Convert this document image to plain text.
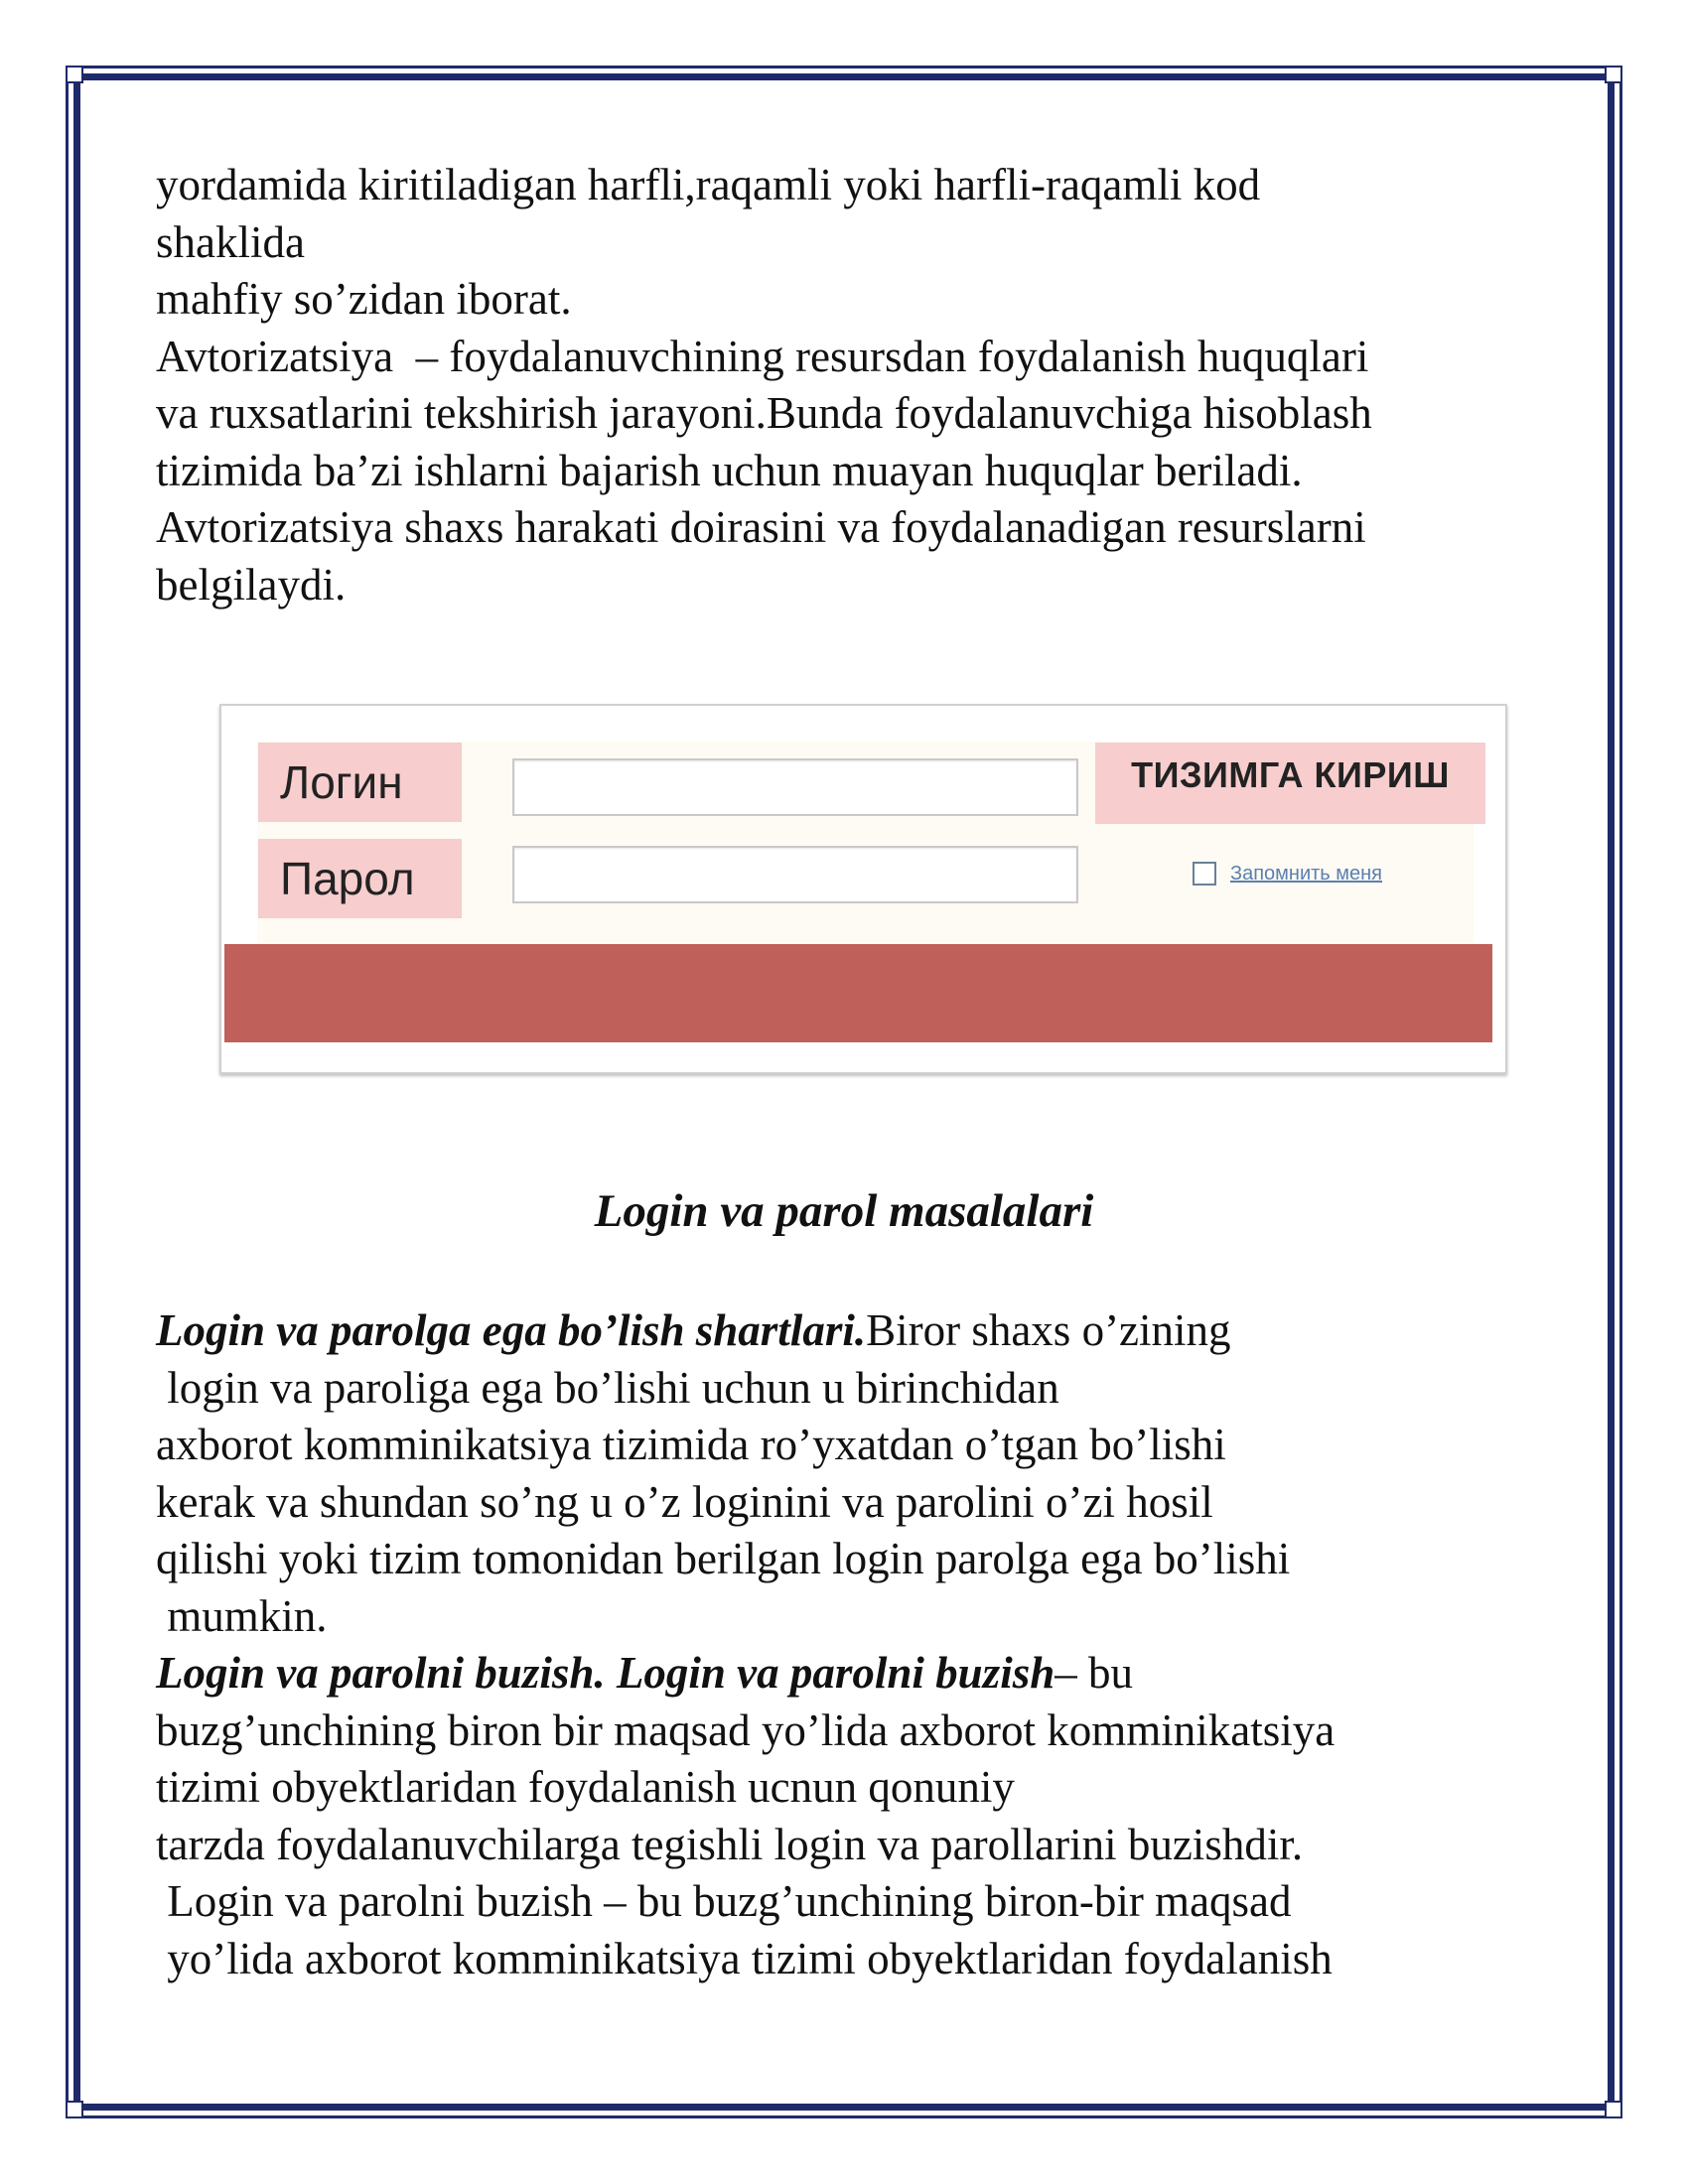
yordamida kiritiladigan harfli,raqamli yoki harfli-raqamli kod

shaklida

mahfiy so’zidan iborat.

Avtorizatsiya  – foydalanuvchining resursdan foydalanish huquqlari

va ruxsatlarini tekshirish jarayoni.Bunda foydalanuvchiga hisoblash

tizimida ba’zi ishlarni bajarish uchun muayan huquqlar beriladi.

Avtorizatsiya shaxs harakati doirasini va foydalanadigan resurslarni

belgilaydi.

Логин
Парол
ТИЗИМГА КИРИШ
Запомнить меня
Login va parol masalalari

Login va parolga ega bo’lish shartlari.Biror shaxs o’zining

login va paroliga ega bo’lishi uchun u birinchidan

axborot komminikatsiya tizimida ro’yxatdan o’tgan bo’lishi

kerak va shundan so’ng u o’z loginini va parolini o’zi hosil

qilishi yoki tizim tomonidan berilgan login parolga ega bo’lishi

mumkin.

Login va parolni buzish. Login va parolni buzish– bu

buzg’unchining biron bir maqsad yo’lida axborot komminikatsiya

tizimi obyektlaridan foydalanish ucnun qonuniy

tarzda foydalanuvchilarga tegishli login va parollarini buzishdir.

Login va parolni buzish – bu buzg’unchining biron-bir maqsad

yo’lida axborot komminikatsiya tizimi obyektlaridan foydalanish
